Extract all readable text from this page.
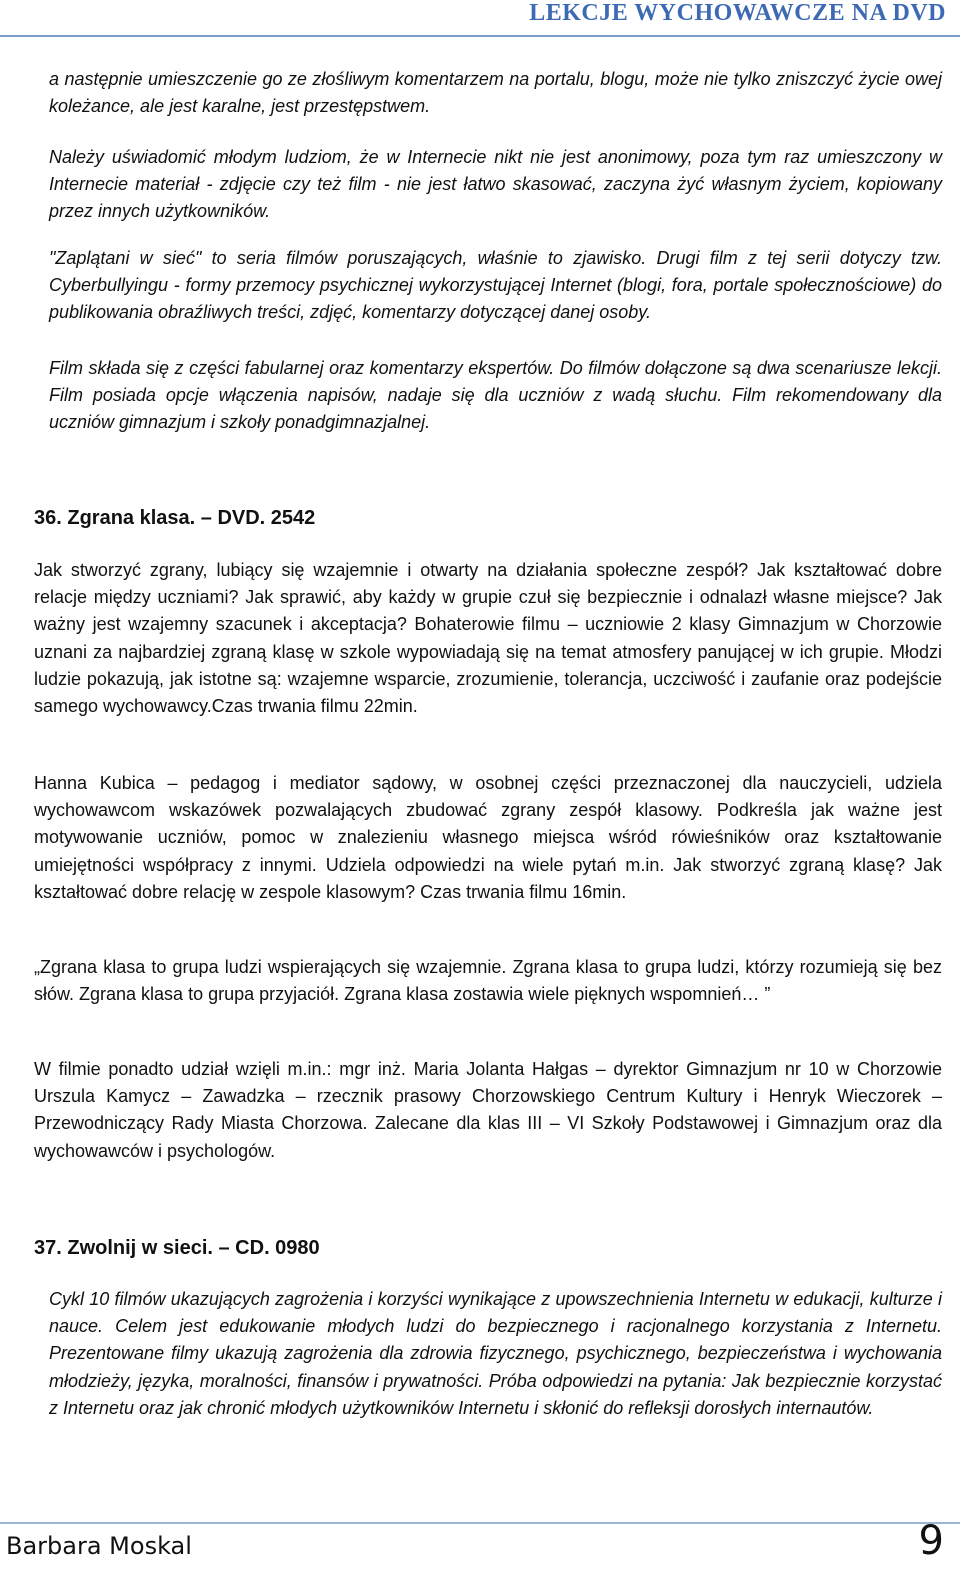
LEKCJE WYCHOWAWCZE NA DVD
a następnie umieszczenie go ze złośliwym komentarzem na portalu, blogu, może nie tylko zniszczyć życie owej koleżance, ale jest karalne, jest przestępstwem.
Należy uświadomić młodym ludziom, że w Internecie nikt nie jest anonimowy, poza tym raz umieszczony w Internecie materiał - zdjęcie czy też film - nie jest łatwo skasować, zaczyna żyć własnym życiem, kopiowany przez innych użytkowników.
"Zaplątani w sieć" to seria filmów poruszających, właśnie to zjawisko. Drugi film z tej serii dotyczy tzw. Cyberbullyingu - formy przemocy psychicznej wykorzystującej Internet (blogi, fora, portale społecznościowe) do publikowania obraźliwych treści, zdjęć, komentarzy dotyczącej danej osoby.
Film składa się z części fabularnej oraz komentarzy ekspertów. Do filmów dołączone są dwa scenariusze lekcji. Film posiada opcje włączenia napisów, nadaje się dla uczniów z wadą słuchu. Film rekomendowany dla uczniów gimnazjum i szkoły ponadgimnazjalnej.
36. Zgrana klasa. – DVD. 2542
Jak stworzyć zgrany, lubiący się wzajemnie i otwarty na działania społeczne zespół? Jak kształtować dobre relacje między uczniami? Jak sprawić, aby każdy w grupie czuł się bezpiecznie i odnalazł własne miejsce? Jak ważny jest wzajemny szacunek i akceptacja? Bohaterowie filmu – uczniowie 2 klasy Gimnazjum w Chorzowie uznani za najbardziej zgraną klasę w szkole wypowiadają się na temat atmosfery panującej w ich grupie. Młodzi ludzie pokazują, jak istotne są: wzajemne wsparcie, zrozumienie, tolerancja, uczciwość i zaufanie oraz podejście samego wychowawcy.Czas trwania filmu 22min.
Hanna Kubica – pedagog i mediator sądowy, w osobnej części przeznaczonej dla nauczycieli, udziela wychowawcom wskazówek pozwalających zbudować zgrany zespół klasowy. Podkreśla jak ważne jest motywowanie uczniów, pomoc w znalezieniu własnego miejsca wśród rówieśników oraz kształtowanie umiejętności współpracy z innymi. Udziela odpowiedzi na wiele pytań m.in. Jak stworzyć zgraną klasę? Jak kształtować dobre relację w zespole klasowym? Czas trwania filmu 16min.
„Zgrana klasa to grupa ludzi wspierających się wzajemnie. Zgrana klasa to grupa ludzi, którzy rozumieją się bez słów. Zgrana klasa to grupa przyjaciół. Zgrana klasa zostawia wiele pięknych wspomnień… ”
W filmie ponadto udział wzięli m.in.: mgr inż. Maria Jolanta Hałgas – dyrektor Gimnazjum nr 10 w Chorzowie Urszula Kamycz – Zawadzka – rzecznik prasowy Chorzowskiego Centrum Kultury i Henryk Wieczorek – Przewodniczący Rady Miasta Chorzowa. Zalecane dla klas III – VI Szkoły Podstawowej i Gimnazjum oraz dla wychowawców i psychologów.
37. Zwolnij w sieci. – CD. 0980
Cykl 10 filmów ukazujących zagrożenia i korzyści wynikające z upowszechnienia Internetu w edukacji, kulturze i nauce. Celem jest edukowanie młodych ludzi do bezpiecznego i racjonalnego korzystania z Internetu. Prezentowane filmy ukazują zagrożenia dla zdrowia fizycznego, psychicznego, bezpieczeństwa i wychowania młodzieży, języka, moralności, finansów i prywatności. Próba odpowiedzi na pytania: Jak bezpiecznie korzystać z Internetu oraz jak chronić młodych użytkowników Internetu i skłonić do refleksji dorosłych internautów.
Barbara Moskal	9
